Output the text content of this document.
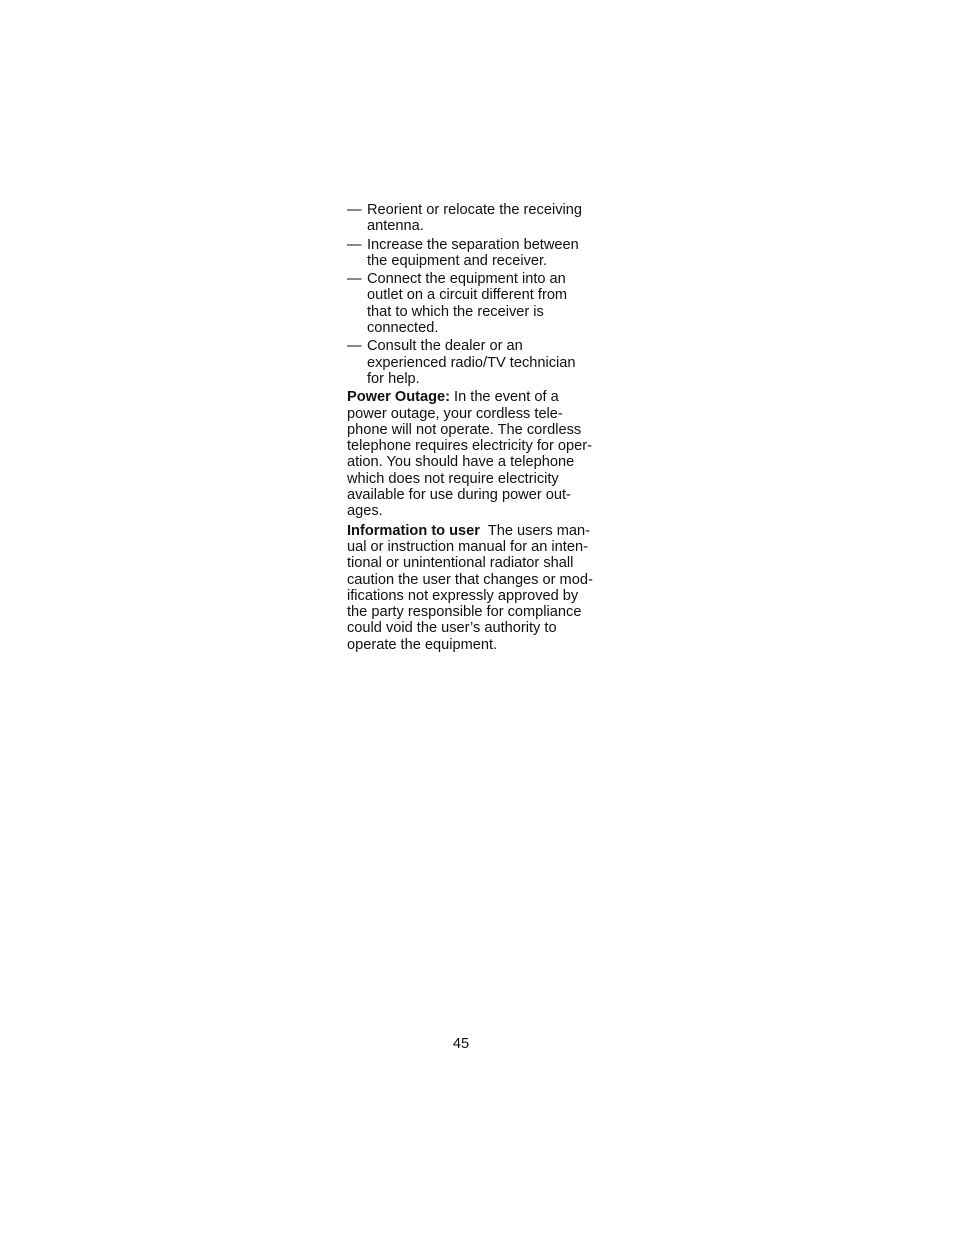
— Reorient or relocate the receiving
antenna.
— Increase the separation between
the equipment and receiver.
— Connect the equipment into an
outlet on a circuit different from
that to which the receiver is
connected.
— Consult the dealer or an
experienced radio/TV technician
for help.
Power Outage: In the event of a
power outage, your cordless tele-
phone will not operate. The cordless
telephone requires electricity for oper-
ation. You should have a telephone
which does not require electricity
available for use during power out-
ages.
Information to user  The users man-
ual or instruction manual for an inten-
tional or unintentional radiator shall
caution the user that changes or mod-
ifications not expressly approved by
the party responsible for compliance
could void the user’s authority to
operate the equipment.
45
